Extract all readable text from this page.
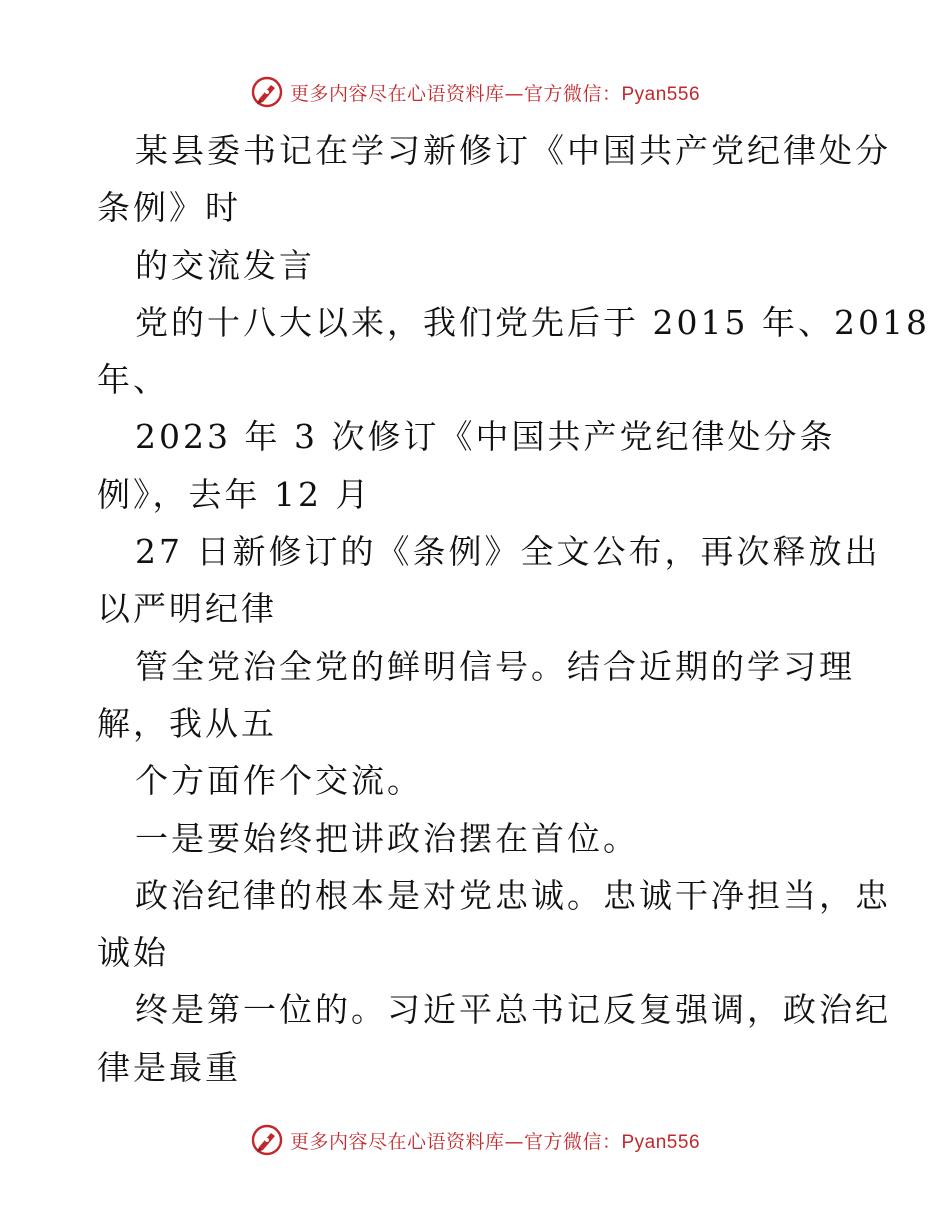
更多内容尽在心语资料库—官方微信：Pyan556
某县委书记在学习新修订《中国共产党纪律处分
条例》时
的交流发言
党的十八大以来，我们党先后于 2015 年、2018
年、
2023 年 3 次修订《中国共产党纪律处分条
例》，去年 12 月
27 日新修订的《条例》全文公布，再次释放出
以严明纪律
管全党治全党的鲜明信号。结合近期的学习理
解，我从五
个方面作个交流。
一是要始终把讲政治摆在首位。
政治纪律的根本是对党忠诚。忠诚干净担当，忠
诚始
终是第一位的。习近平总书记反复强调，政治纪
律是最重
更多内容尽在心语资料库—官方微信：Pyan556
